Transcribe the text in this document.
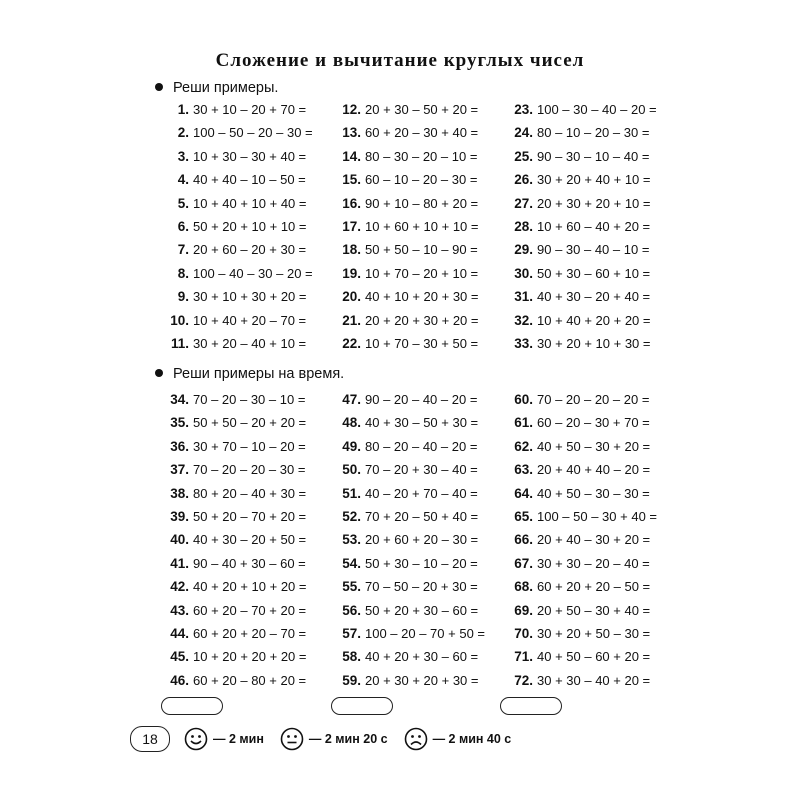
Сложение и вычитание круглых чисел

Реши примеры.

1. 30 + 10 – 20 + 70 =
2. 100 – 50 – 20 – 30 =
3. 10 + 30 – 30 + 40 =
4. 40 + 40 – 10 – 50 =
5. 10 + 40 + 10 + 40 =
6. 50 + 20 + 10 + 10 =
7. 20 + 60 – 20 + 30 =
8. 100 – 40 – 30 – 20 =
9. 30 + 10 + 30 + 20 =
10. 10 + 40 + 20 – 70 =
11. 30 + 20 – 40 + 10 =
12. 20 + 30 – 50 + 20 =
13. 60 + 20 – 30 + 40 =
14. 80 – 30 – 20 – 10 =
15. 60 – 10 – 20 – 30 =
16. 90 + 10 – 80 + 20 =
17. 10 + 60 + 10 + 10 =
18. 50 + 50 – 10 – 90 =
19. 10 + 70 – 20 + 10 =
20. 40 + 10 + 20 + 30 =
21. 20 + 20 + 30 + 20 =
22. 10 + 70 – 30 + 50 =
23. 100 – 30 – 40 – 20 =
24. 80 – 10 – 20 – 30 =
25. 90 – 30 – 10 – 40 =
26. 30 + 20 + 40 + 10 =
27. 20 + 30 + 20 + 10 =
28. 10 + 60 – 40 + 20 =
29. 90 – 30 – 40 – 10 =
30. 50 + 30 – 60 + 10 =
31. 40 + 30 – 20 + 40 =
32. 10 + 40 + 20 + 20 =
33. 30 + 20 + 10 + 30 =

Реши примеры на время.

34. 70 – 20 – 30 – 10 =
35. 50 + 50 – 20 + 20 =
36. 30 + 70 – 10 – 20 =
37. 70 – 20 – 20 – 30 =
38. 80 + 20 – 40 + 30 =
39. 50 + 20 – 70 + 20 =
40. 40 + 30 – 20 + 50 =
41. 90 – 40 + 30 – 60 =
42. 40 + 20 + 10 + 20 =
43. 60 + 20 – 70 + 20 =
44. 60 + 20 + 20 – 70 =
45. 10 + 20 + 20 + 20 =
46. 60 + 20 – 80 + 20 =
47. 90 – 20 – 40 – 20 =
48. 40 + 30 – 50 + 30 =
49. 80 – 20 – 40 – 20 =
50. 70 – 20 + 30 – 40 =
51. 40 – 20 + 70 – 40 =
52. 70 + 20 – 50 + 40 =
53. 20 + 60 + 20 – 30 =
54. 50 + 30 – 10 – 20 =
55. 70 – 50 – 20 + 30 =
56. 50 + 20 + 30 – 60 =
57. 100 – 20 – 70 + 50 =
58. 40 + 20 + 30 – 60 =
59. 20 + 30 + 20 + 30 =
60. 70 – 20 – 20 – 20 =
61. 60 – 20 – 30 + 70 =
62. 40 + 50 – 30 + 20 =
63. 20 + 40 + 40 – 20 =
64. 40 + 50 – 30 – 30 =
65. 100 – 50 – 30 + 40 =
66. 20 + 40 – 30 + 20 =
67. 30 + 30 – 20 – 40 =
68. 60 + 20 + 20 – 50 =
69. 20 + 50 – 30 + 40 =
70. 30 + 20 + 50 – 30 =
71. 40 + 50 – 60 + 20 =
72. 30 + 30 – 40 + 20 =
18	— 2 мин	— 2 мин 20 с	— 2 мин 40 с
